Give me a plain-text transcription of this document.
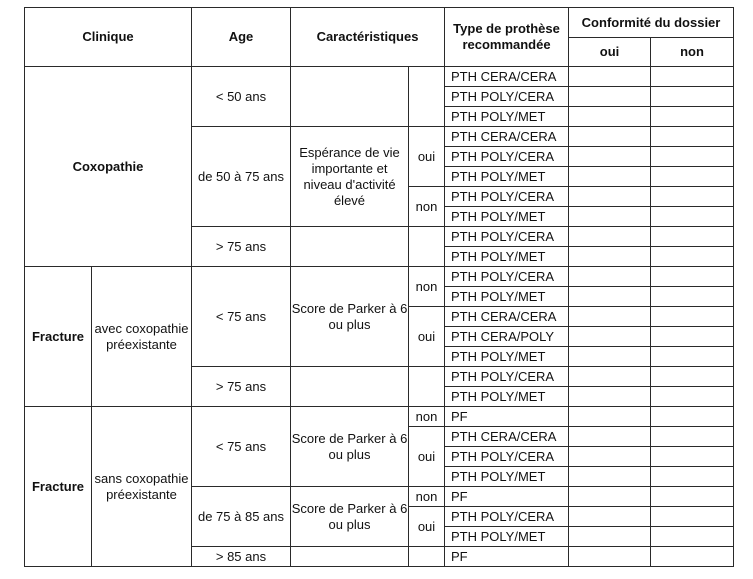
Clinique		Age	Caractéristiques		Type de prothèse recommandée	Conformité du dossier	
						oui	non
Coxopathie		< 50 ans			PTH CERA/CERA		
					PTH POLY/CERA		
					PTH POLY/MET		
		de 50 à 75 ans	Espérance de vie importante et niveau d'activité élevé	oui	PTH CERA/CERA		
					PTH POLY/CERA		
					PTH POLY/MET		
				non	PTH POLY/CERA		
					PTH POLY/MET		
		> 75 ans			PTH POLY/CERA		
					PTH POLY/MET		
Fracture	avec coxopathie préexistante	< 75 ans	Score de Parker à 6 ou plus	non	PTH POLY/CERA		
					PTH POLY/MET		
				oui	PTH CERA/CERA		
					PTH CERA/POLY		
					PTH POLY/MET		
		> 75 ans			PTH POLY/CERA		
					PTH POLY/MET		
Fracture	sans coxopathie préexistante	< 75 ans	Score de Parker à 6 ou plus	non	PF		
				oui	PTH CERA/CERA		
					PTH POLY/CERA		
					PTH POLY/MET		
		de 75 à 85 ans	Score de Parker à 6 ou plus	non	PF		
				oui	PTH POLY/CERA		
					PTH POLY/MET		
		> 85 ans			PF		
